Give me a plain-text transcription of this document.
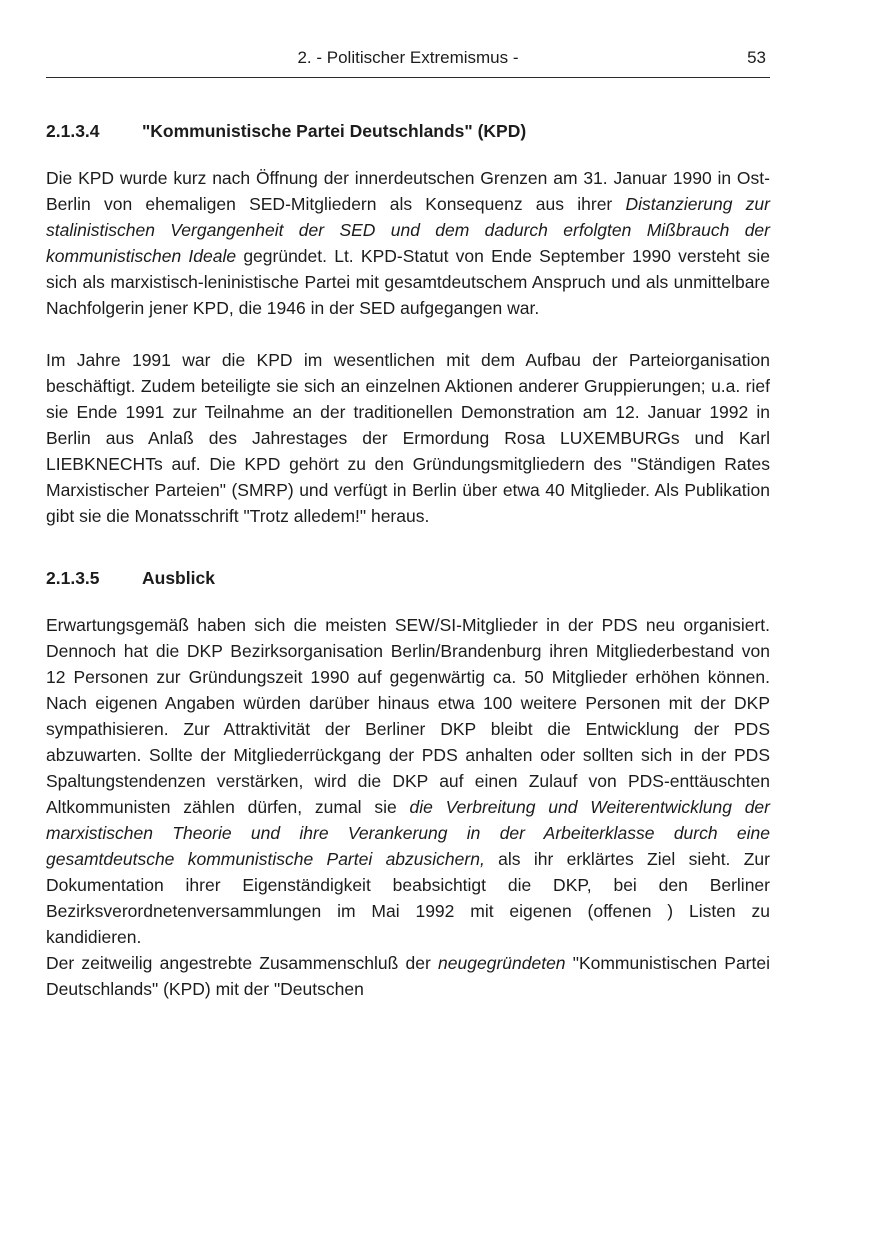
2. - Politischer Extremismus -	53
2.1.3.4 "Kommunistische Partei Deutschlands" (KPD)

Die KPD wurde kurz nach Öffnung der innerdeutschen Grenzen am 31. Januar 1990 in Ost-Berlin von ehemaligen SED-Mitgliedern als Konsequenz aus ihrer Distanzierung zur stalinistischen Vergangenheit der SED und dem dadurch erfolgten Mißbrauch der kommunistischen Ideale gegründet. Lt. KPD-Statut von Ende September 1990 versteht sie sich als marxistisch-leninistische Partei mit gesamtdeutschem Anspruch und als unmittelbare Nachfolgerin jener KPD, die 1946 in der SED aufgegangen war.

Im Jahre 1991 war die KPD im wesentlichen mit dem Aufbau der Parteiorganisation beschäftigt. Zudem beteiligte sie sich an einzelnen Aktionen anderer Gruppierungen; u.a. rief sie Ende 1991 zur Teilnahme an der traditionellen Demonstration am 12. Januar 1992 in Berlin aus Anlaß des Jahrestages der Ermordung Rosa LUXEMBURGs und Karl LIEBKNECHTs auf. Die KPD gehört zu den Gründungsmitgliedern des "Ständigen Rates Marxistischer Parteien" (SMRP) und verfügt in Berlin über etwa 40 Mitglieder. Als Publikation gibt sie die Monatsschrift "Trotz alledem!" heraus.

2.1.3.5 Ausblick

Erwartungsgemäß haben sich die meisten SEW/SI-Mitglieder in der PDS neu organisiert. Dennoch hat die DKP Bezirksorganisation Berlin/Brandenburg ihren Mitgliederbestand von 12 Personen zur Gründungszeit 1990 auf gegenwärtig ca. 50 Mitglieder erhöhen können. Nach eigenen Angaben würden darüber hinaus etwa 100 weitere Personen mit der DKP sympathisieren. Zur Attraktivität der Berliner DKP bleibt die Entwicklung der PDS abzuwarten. Sollte der Mitgliederrückgang der PDS anhalten oder sollten sich in der PDS Spaltungstendenzen verstärken, wird die DKP auf einen Zulauf von PDS-enttäuschten Altkommunisten zählen dürfen, zumal sie die Verbreitung und Weiterentwicklung der marxistischen Theorie und ihre Verankerung in der Arbeiterklasse durch eine gesamtdeutsche kommunistische Partei abzusichern, als ihr erklärtes Ziel sieht. Zur Dokumentation ihrer Eigenständigkeit beabsichtigt die DKP, bei den Berliner Bezirksverordnetenversammlungen im Mai 1992 mit eigenen (offenen ) Listen zu kandidieren.

Der zeitweilig angestrebte Zusammenschluß der neugegründeten "Kommunistischen Partei Deutschlands" (KPD) mit der "Deutschen
